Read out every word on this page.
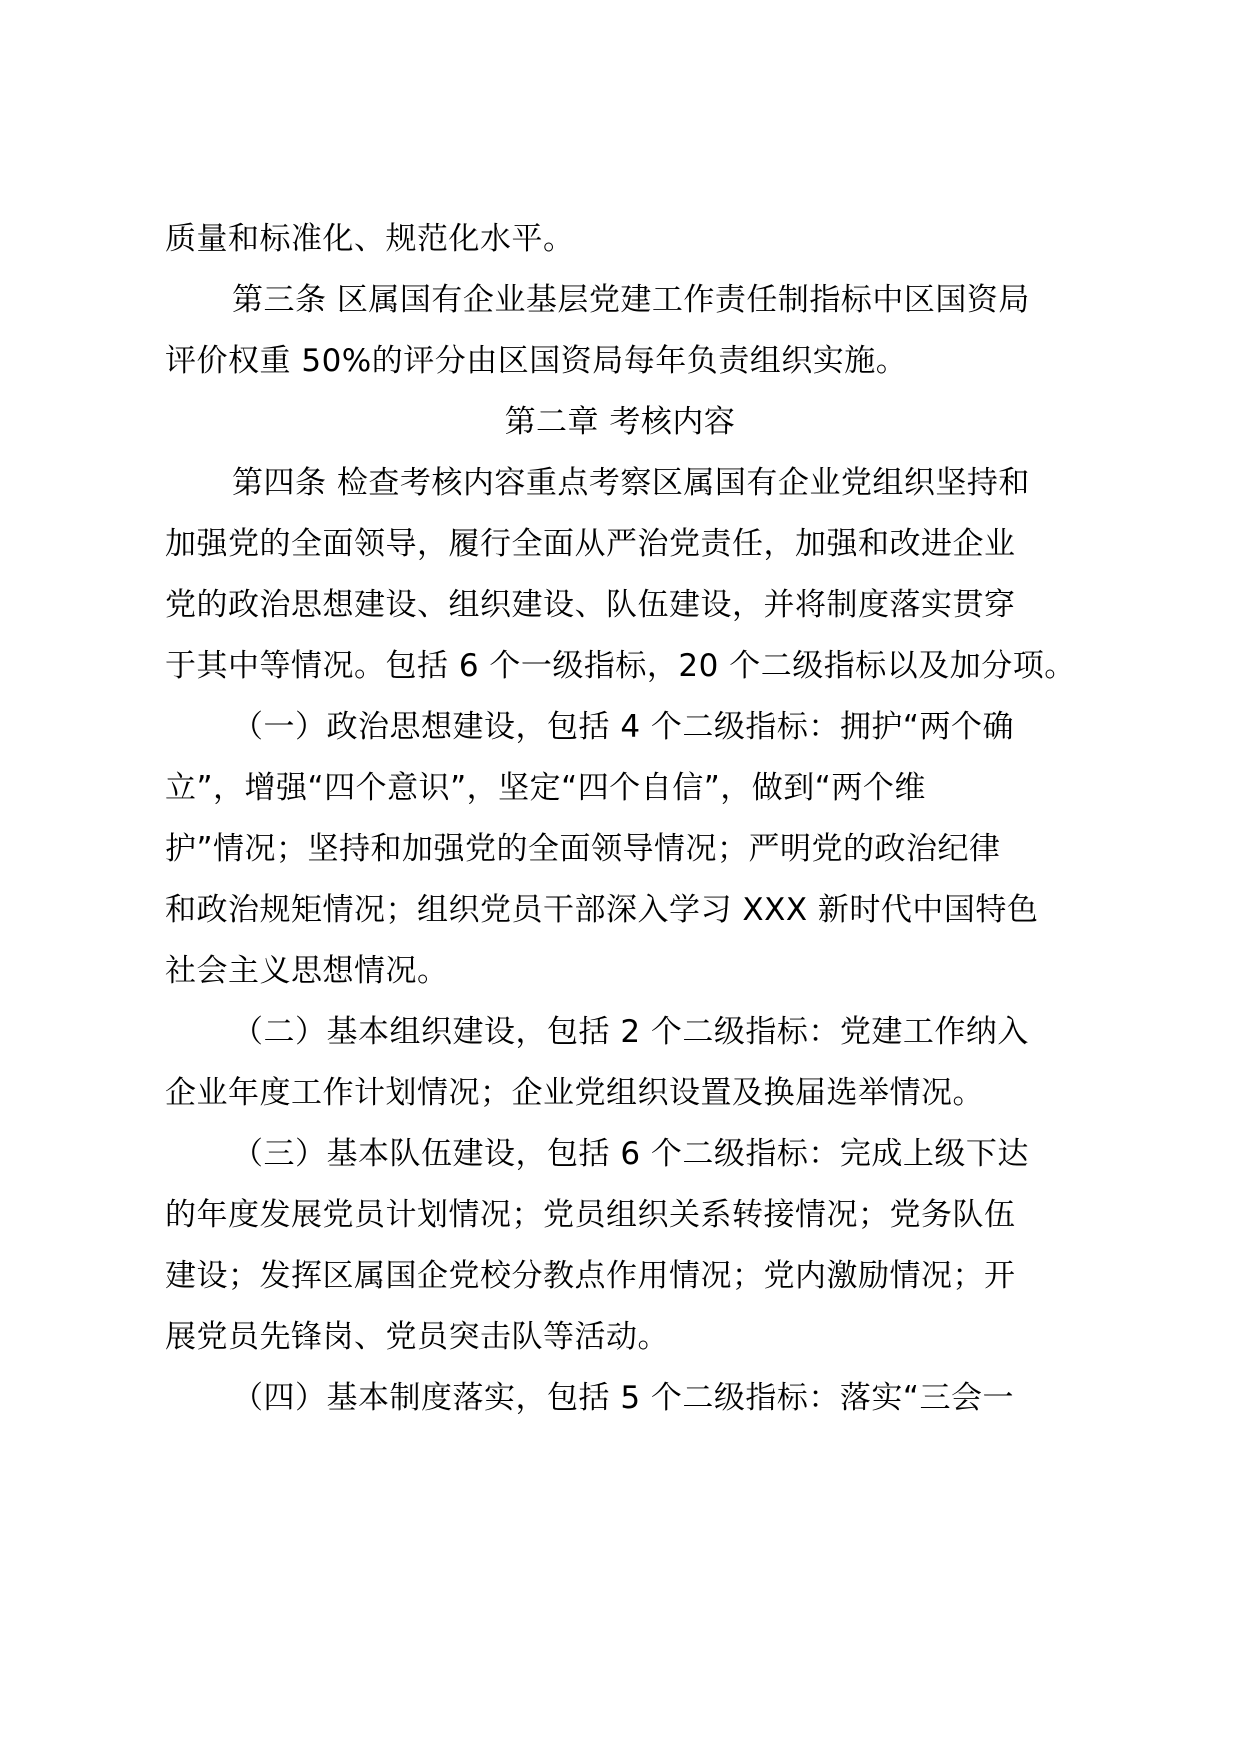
质量和标准化、规范化水平。
第三条 区属国有企业基层党建工作责任制指标中区国资局
评价权重 50%的评分由区国资局每年负责组织实施。
第二章 考核内容
第四条 检查考核内容重点考察区属国有企业党组织坚持和
加强党的全面领导，履行全面从严治党责任，加强和改进企业
党的政治思想建设、组织建设、队伍建设，并将制度落实贯穿
于其中等情况。包括 6 个一级指标，20 个二级指标以及加分项。
（一）政治思想建设，包括 4 个二级指标：拥护“两个确
立”，增强“四个意识”，坚定“四个自信”，做到“两个维
护”情况；坚持和加强党的全面领导情况；严明党的政治纪律
和政治规矩情况；组织党员干部深入学习 XXX 新时代中国特色
社会主义思想情况。
（二）基本组织建设，包括 2 个二级指标：党建工作纳入
企业年度工作计划情况；企业党组织设置及换届选举情况。
（三）基本队伍建设，包括 6 个二级指标：完成上级下达
的年度发展党员计划情况；党员组织关系转接情况；党务队伍
建设；发挥区属国企党校分教点作用情况；党内激励情况；开
展党员先锋岗、党员突击队等活动。
（四）基本制度落实，包括 5 个二级指标：落实“三会一
